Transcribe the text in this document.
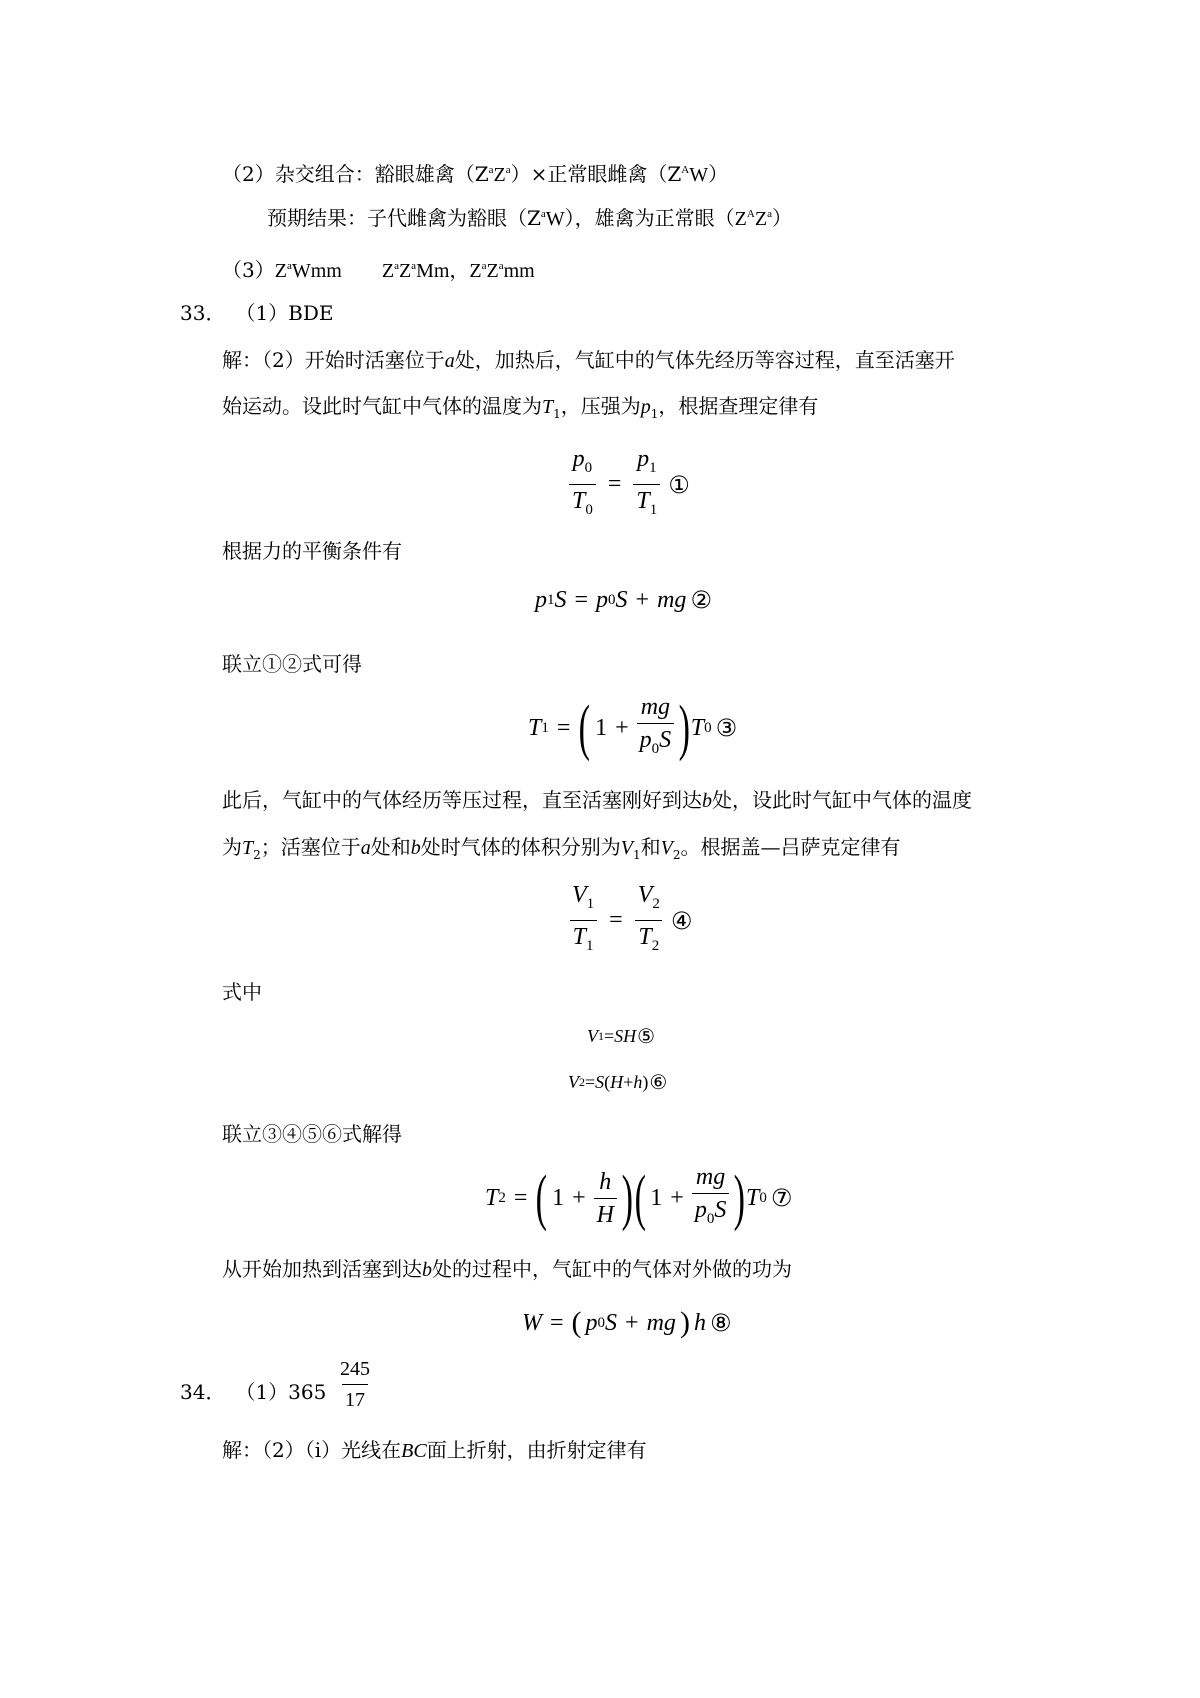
（2）杂交组合：豁眼雄禽$(Z^aZ^a)\times$正常眼雌禽$(Z^AW)$
预期结果：子代雌禽为豁眼$(Z^aW)$，雄禽为正常眼$(Z^AZ^a)$
$(3)Z^aWmm$ $Z^aZ^aMm$，$Z^aZ^amm$
33． （1）BDE
解：（2）开始时活塞位于a处，加热后，气缸中的气体先经历等容过程，直至活塞开
始运动。设此时气缸中气体的温度为$T_1$，压强为$p_1$，根据查理定律有
$\frac{p_0}{T_0} = \frac{p_1}{T_1}$ ①
根据力的平衡条件有
p 1 S = p 0 S + mg ②
联立①②式可得
T 1 = ( $1 + \frac{mg}{p_0S}$ ) T 0 ③
此后，气缸中的气体经历等压过程，直至活塞刚好到达b处，设此时气缸中气体的温度
为$T_2$；活塞位于a处和b处时气体的体积分别为$V_1$和$V_2$。根据盖—吕萨克定律有
$\frac{V_1}{T_1} = \frac{V_2}{T_2}$ ④
式中
V 1 = SH ⑤
V 2 = S ( H + h ) ⑥
联立③④⑤⑥式解得
T 2 = ( $1 + \frac{h}{H}$ ) ( $1 + \frac{mg}{p_0S}$ ) T 0 ⑦
从开始加热到活塞到达b处的过程中，气缸中的气体对外做的功为
W = ( p 0 S + mg ) h ⑧
34． $(1)365 \frac{245}{17}$
解：（2）（ⅰ）光线在BC面上折射，由折射定律有
